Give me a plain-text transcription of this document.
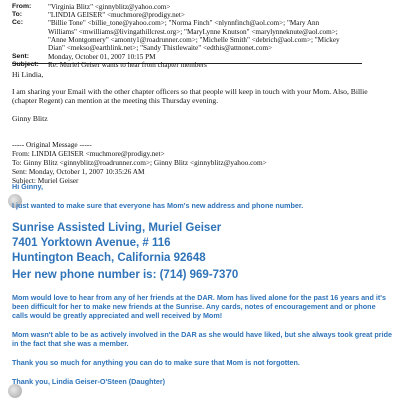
From:	"Virginia Blitz" <ginnyblitz@yahoo.com>
To:	"LINDIA GEISER" <muchmore@prodigy.net>
Cc:	"Billie Tone" <billie_tone@yahoo.com>; "Norma Finch" <nlynnfinch@aol.com>; "Mary Ann
Williams" <mwilliams@livingathillcrest.org>; "MaryLynne Knutson" <marylynneknute@aol.com>;
"Anne Montgomery" <amonty1@roadrunner.com>; "Michelle Smith" <debrich@aol.com>; "Mickey
Dian" <mekso@earthlink.net>; "Sandy Thistlewaite" <edthis@attnonet.com>
Sent:	Monday, October 01, 2007 10:15 PM
Subject:	Re: Muriel Geiser wants to hear from chapter members

Hi Lindia,

I am sharing your Email with the other chapter officers so that people will keep in touch with your Mom. Also, Billie (chapter Regent) can mention at the meeting this Thursday evening.

Ginny Blitz

----- Original Message -----
From: LINDIA GEISER <muchmore@prodigy.net>
To: Ginny Blitz <ginnyblitz@roadrunner.com>; Ginny Blitz <ginnyblitz@yahoo.com>
Sent: Monday, October 1, 2007 10:35:26 AM
Subject: Muriel Geiser
Hi Ginny,
I just wanted to make sure that everyone has Mom's new address and phone number.
Sunrise Assisted Living, Muriel Geiser
7401 Yorktown Avenue, # 116
Huntington Beach, California 92648
Her new phone number is: (714) 969-7370
Mom would love to hear from any of her friends at the DAR. Mom has lived alone for the past 16 years and it's been difficult for her to make new friends at the Sunrise. Any cards, notes of encouragement and or phone calls would be greatly appreciated and well received by Mom!
Mom wasn't able to be as actively involved in the DAR as she would have liked, but she always took great pride in the fact that she was a member.
Thank you so much for anything you can do to make sure that Mom is not forgotten.
Thank you, Lindia Geiser-O'Steen (Daughter)
